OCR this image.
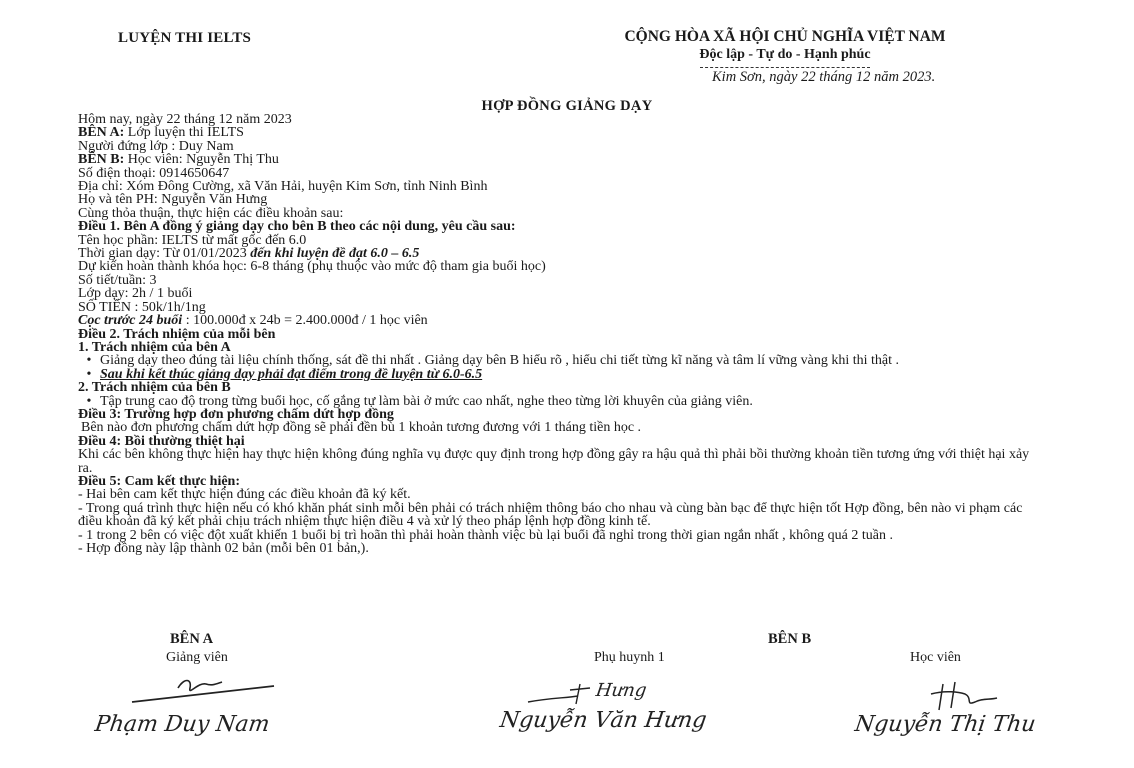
LUYỆN THI IELTS	CỘNG HÒA XÃ HỘI CHỦ NGHĨA VIỆT NAM
Độc lập - Tự do - Hạnh phúc
Kim Sơn, ngày 22 tháng 12 năm 2023.
HỢP ĐỒNG GIẢNG DẠY
Hôm nay, ngày 22 tháng 12 năm 2023
BÊN A: Lớp luyện thi IELTS
Người đứng lớp : Duy Nam
BÊN B: Học viên: Nguyễn Thị Thu
Số điện thoại: 0914650647
Địa chỉ: Xóm Đông Cường, xã Văn Hải, huyện Kim Sơn, tỉnh Ninh Bình
Họ và tên PH: Nguyễn Văn Hưng
Cùng thỏa thuận, thực hiện các điều khoản sau:
Điều 1. Bên A đồng ý giảng dạy cho bên B theo các nội dung, yêu cầu sau:
Tên học phần: IELTS từ mất gốc đến 6.0
Thời gian dạy: Từ 01/01/2023 đến khi luyện đề đạt 6.0 – 6.5
Dự kiến hoàn thành khóa học: 6-8 tháng (phụ thuộc vào mức độ tham gia buổi học)
Số tiết/tuần: 3
Lớp dạy: 2h / 1 buổi
SỐ TIỀN : 50k/1h/1ng
Cọc trước 24 buổi : 100.000đ x 24b = 2.400.000đ / 1 học viên
Điều 2. Trách nhiệm của mỗi bên
1. Trách nhiệm của bên A
• Giảng dạy theo đúng tài liệu chính thống, sát đề thi nhất . Giảng dạy bên B hiểu rõ , hiểu chi tiết từng kĩ năng và tâm lí vững vàng khi thi thật .
• Sau khi kết thúc giảng dạy phải đạt điểm trong đề luyện từ 6.0-6.5
2. Trách nhiệm của bên B
• Tập trung cao độ trong từng buổi học, cố gắng tự làm bài ở mức cao nhất, nghe theo từng lời khuyên của giảng viên.
Điều 3: Trường hợp đơn phương chấm dứt hợp đồng
Bên nào đơn phương chấm dứt hợp đồng sẽ phải đền bù 1 khoản tương đương với 1 tháng tiền học .
Điều 4: Bồi thường thiệt hại
Khi các bên không thực hiện hay thực hiện không đúng nghĩa vụ được quy định trong hợp đồng gây ra hậu quả thì phải bồi thường khoản tiền tương ứng với thiệt hại xảy ra.
Điều 5: Cam kết thực hiện:
- Hai bên cam kết thực hiện đúng các điều khoản đã ký kết.
- Trong quá trình thực hiện nếu có khó khăn phát sinh mỗi bên phải có trách nhiệm thông báo cho nhau và cùng bàn bạc để thực hiện tốt Hợp đồng, bên nào vi phạm các điều khoản đã ký kết phải chịu trách nhiệm thực hiện điều 4 và xử lý theo pháp lệnh hợp đồng kinh tế.
- 1 trong 2 bên có việc đột xuất khiến 1 buổi bị trì hoãn thì phải hoàn thành việc bù lại buổi đã nghỉ trong thời gian ngắn nhất , không quá 2 tuần .
- Hợp đồng này lập thành 02 bản (mỗi bên 01 bản,).
BÊN A	BÊN B
Giảng viên	Phụ huynh 1	Học viên
Hưng
Phạm Duy Nam	Nguyễn Văn Hưng	Nguyễn Thị Thu
